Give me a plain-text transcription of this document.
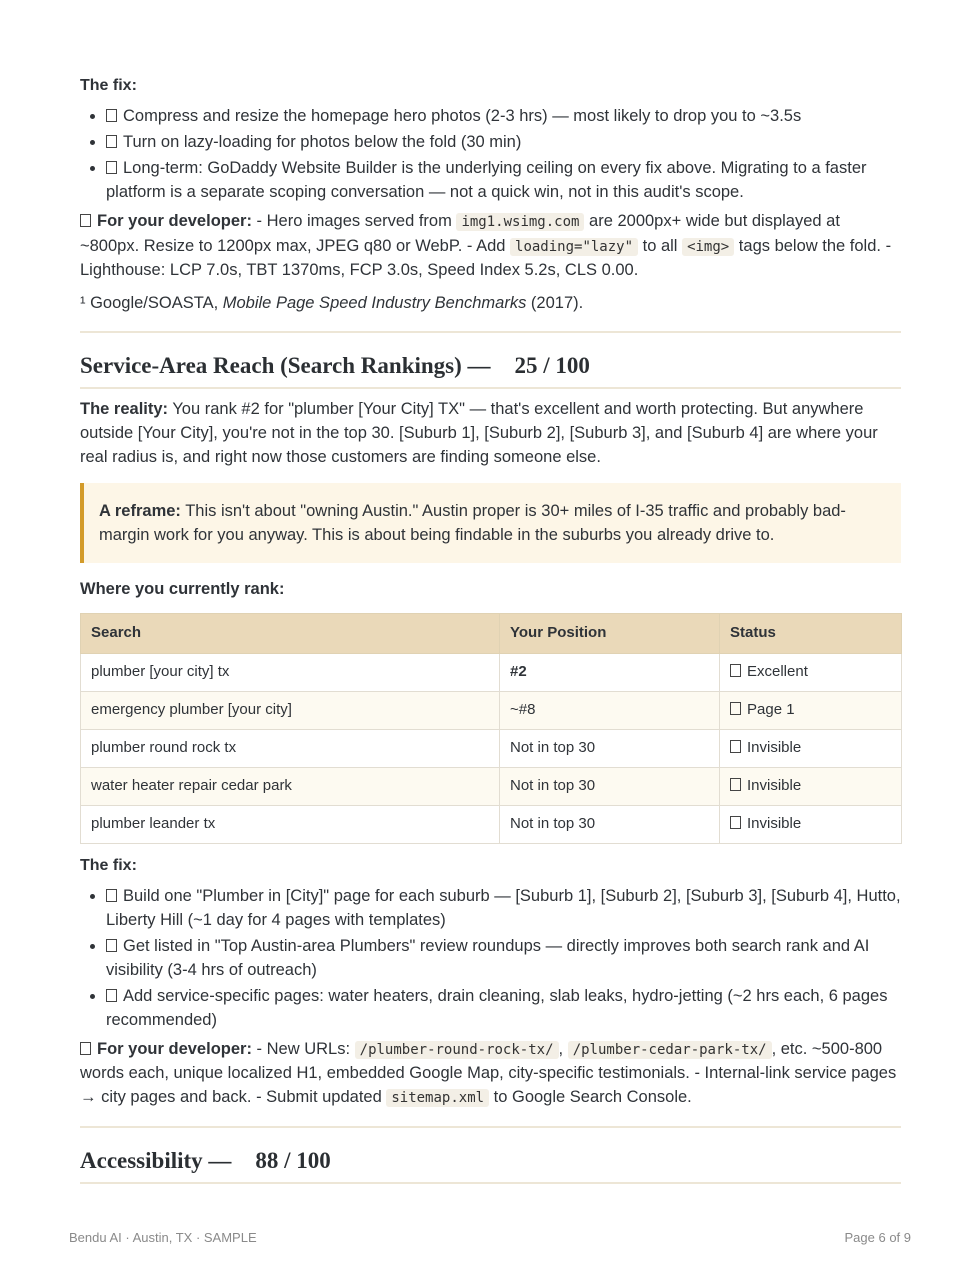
The fix:

• Compress and resize the homepage hero photos (2-3 hrs) — most likely to drop you to ~3.5s
• Turn on lazy-loading for photos below the fold (30 min)
• Long-term: GoDaddy Website Builder is the underlying ceiling on every fix above. Migrating to a faster platform is a separate scoping conversation — not a quick win, not in this audit's scope.

For your developer: - Hero images served from img1.wsimg.com are 2000px+ wide but displayed at ~800px. Resize to 1200px max, JPEG q80 or WebP. - Add loading="lazy" to all <img> tags below the fold. - Lighthouse: LCP 7.0s, TBT 1370ms, FCP 3.0s, Speed Index 5.2s, CLS 0.00.

¹ Google/SOASTA, Mobile Page Speed Industry Benchmarks (2017).

Service-Area Reach (Search Rankings) — 25 / 100

The reality: You rank #2 for "plumber [Your City] TX" — that's excellent and worth protecting. But anywhere outside [Your City], you're not in the top 30. [Suburb 1], [Suburb 2], [Suburb 3], and [Suburb 4] are where your real radius is, and right now those customers are finding someone else.

A reframe: This isn't about "owning Austin." Austin proper is 30+ miles of I-35 traffic and probably bad-margin work for you anyway. This is about being findable in the suburbs you already drive to.

Where you currently rank:

Search	Your Position	Status
plumber [your city] tx	#2	Excellent
emergency plumber [your city]	~#8	Page 1
plumber round rock tx	Not in top 30	Invisible
water heater repair cedar park	Not in top 30	Invisible
plumber leander tx	Not in top 30	Invisible

The fix:

• Build one "Plumber in [City]" page for each suburb — [Suburb 1], [Suburb 2], [Suburb 3], [Suburb 4], Hutto, Liberty Hill (~1 day for 4 pages with templates)
• Get listed in "Top Austin-area Plumbers" review roundups — directly improves both search rank and AI visibility (3-4 hrs of outreach)
• Add service-specific pages: water heaters, drain cleaning, slab leaks, hydro-jetting (~2 hrs each, 6 pages recommended)

For your developer: - New URLs: /plumber-round-rock-tx/ , /plumber-cedar-park-tx/ , etc. ~500-800 words each, unique localized H1, embedded Google Map, city-specific testimonials. - Internal-link service pages → city pages and back. - Submit updated sitemap.xml to Google Search Console.

Accessibility — 88 / 100
Bendu AI · Austin, TX · SAMPLE	Page 6 of 9
